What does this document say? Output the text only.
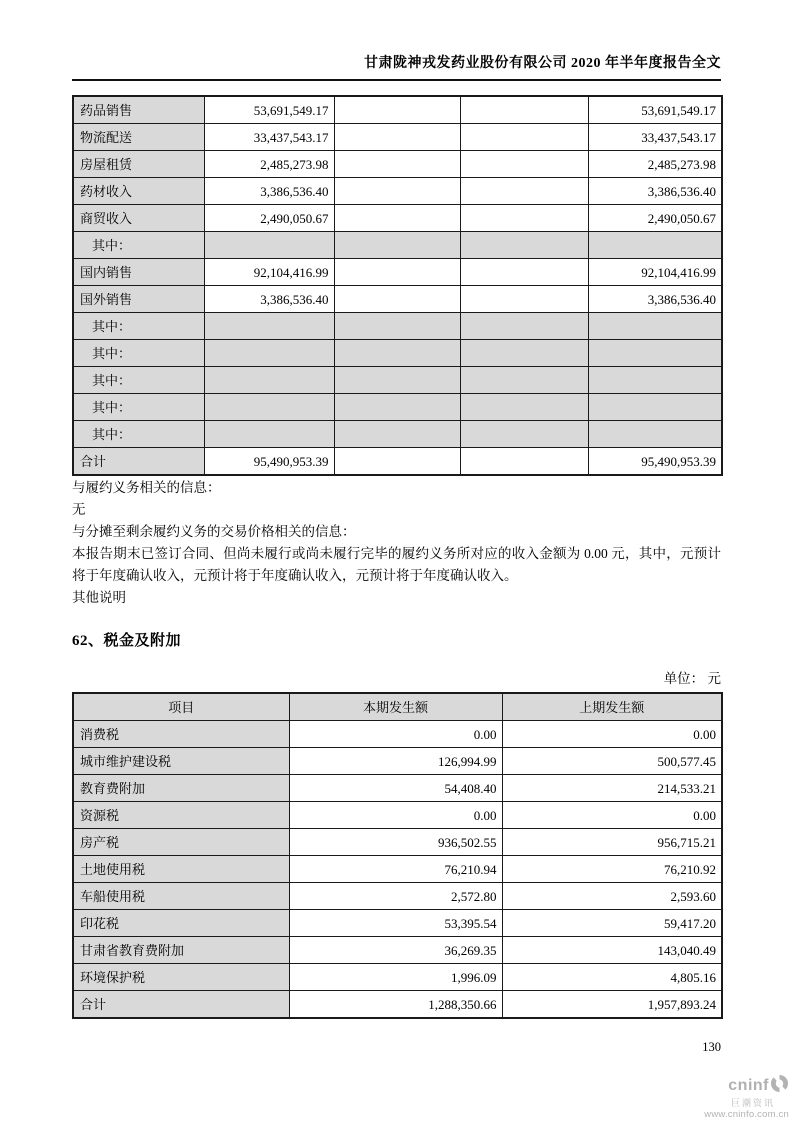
甘肃陇神戎发药业股份有限公司 2020 年半年度报告全文
药品销售	53,691,549.17			53,691,549.17
物流配送	33,437,543.17			33,437,543.17
房屋租赁	2,485,273.98			2,485,273.98
药材收入	3,386,536.40			3,386,536.40
商贸收入	2,490,050.67			2,490,050.67
其中：				
国内销售	92,104,416.99			92,104,416.99
国外销售	3,386,536.40			3,386,536.40
其中：				
其中：				
其中：				
其中：				
其中：				
合计	95,490,953.39			95,490,953.39

与履约义务相关的信息：

无

与分摊至剩余履约义务的交易价格相关的信息：

本报告期末已签订合同、但尚未履行或尚未履行完毕的履约义务所对应的收入金额为 0.00 元，其中，元预计将于年度确认收入，元预计将于年度确认收入，元预计将于年度确认收入。

其他说明

62、税金及附加
单位： 元
项目	本期发生额	上期发生额
消费税	0.00	0.00
城市维护建设税	126,994.99	500,577.45
教育费附加	54,408.40	214,533.21
资源税	0.00	0.00
房产税	936,502.55	956,715.21
土地使用税	76,210.94	76,210.92
车船使用税	2,572.80	2,593.60
印花税	53,395.54	59,417.20
甘肃省教育费附加	36,269.35	143,040.49
环境保护税	1,996.09	4,805.16
合计	1,288,350.66	1,957,893.24
130
cninf
巨潮资讯
www.cninfo.com.cn
